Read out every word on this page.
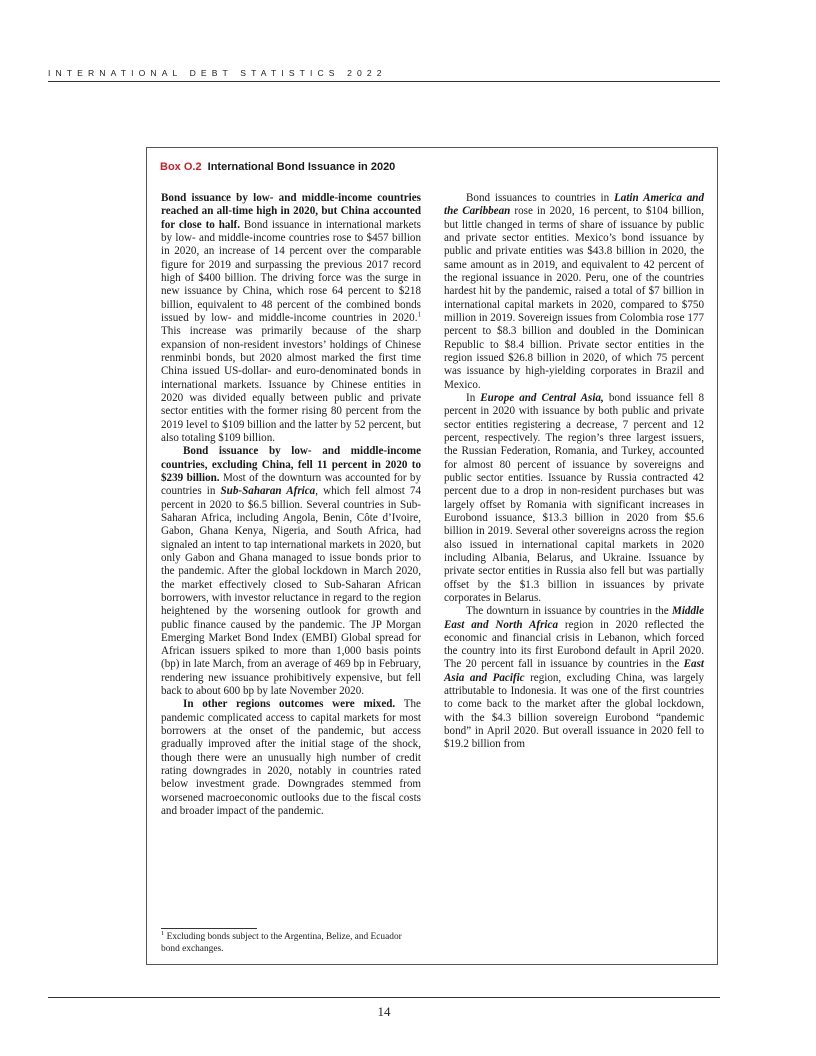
INTERNATIONAL DEBT STATISTICS 2022
Box O.2 International Bond Issuance in 2020

Bond issuance by low- and middle-income countries reached an all-time high in 2020, but China accounted for close to half. Bond issuance in international markets by low- and middle-income countries rose to $457 billion in 2020, an increase of 14 percent over the comparable figure for 2019 and surpassing the previous 2017 record high of $400 billion. The driving force was the surge in new issuance by China, which rose 64 percent to $218 billion, equivalent to 48 percent of the combined bonds issued by low- and middle-income countries in 2020.$^1$ This increase was primarily because of the sharp expansion of non-resident investors’ holdings of Chinese renminbi bonds, but 2020 almost marked the first time China issued US-dollar- and euro-denominated bonds in international markets. Issuance by Chinese entities in 2020 was divided equally between public and private sector entities with the former rising 80 percent from the 2019 level to $109 billion and the latter by 52 percent, but also totaling $109 billion.

Bond issuance by low- and middle-income countries, excluding China, fell 11 percent in 2020 to $239 billion. Most of the downturn was accounted for by countries in Sub-Saharan Africa, which fell almost 74 percent in 2020 to $6.5 billion. Several countries in Sub-Saharan Africa, including Angola, Benin, Côte d’Ivoire, Gabon, Ghana Kenya, Nigeria, and South Africa, had signaled an intent to tap international markets in 2020, but only Gabon and Ghana managed to issue bonds prior to the pandemic. After the global lockdown in March 2020, the market effectively closed to Sub-Saharan African borrowers, with investor reluctance in regard to the region heightened by the worsening outlook for growth and public finance caused by the pandemic. The JP Morgan Emerging Market Bond Index (EMBI) Global spread for African issuers spiked to more than 1,000 basis points (bp) in late March, from an average of 469 bp in February, rendering new issuance prohibitively expensive, but fell back to about 600 bp by late November 2020.

In other regions outcomes were mixed. The pandemic complicated access to capital markets for most borrowers at the onset of the pandemic, but access gradually improved after the initial stage of the shock, though there were an unusually high number of credit rating downgrades in 2020, notably in countries rated below investment grade. Downgrades stemmed from worsened macroeconomic outlooks due to the fiscal costs and broader impact of the pandemic.

Bond issuances to countries in Latin America and the Caribbean rose in 2020, 16 percent, to $104 billion, but little changed in terms of share of issuance by public and private sector entities. Mexico’s bond issuance by public and private entities was $43.8 billion in 2020, the same amount as in 2019, and equivalent to 42 percent of the regional issuance in 2020. Peru, one of the countries hardest hit by the pandemic, raised a total of $7 billion in international capital markets in 2020, compared to $750 million in 2019. Sovereign issues from Colombia rose 177 percent to $8.3 billion and doubled in the Dominican Republic to $8.4 billion. Private sector entities in the region issued $26.8 billion in 2020, of which 75 percent was issuance by high-yielding corporates in Brazil and Mexico.

In Europe and Central Asia, bond issuance fell 8 percent in 2020 with issuance by both public and private sector entities registering a decrease, 7 percent and 12 percent, respectively. The region’s three largest issuers, the Russian Federation, Romania, and Turkey, accounted for almost 80 percent of issuance by sovereigns and public sector entities. Issuance by Russia contracted 42 percent due to a drop in non-resident purchases but was largely offset by Romania with significant increases in Eurobond issuance, $13.3 billion in 2020 from $5.6 billion in 2019. Several other sovereigns across the region also issued in international capital markets in 2020 including Albania, Belarus, and Ukraine. Issuance by private sector entities in Russia also fell but was partially offset by the $1.3 billion in issuances by private corporates in Belarus.

The downturn in issuance by countries in the Middle East and North Africa region in 2020 reflected the economic and financial crisis in Lebanon, which forced the country into its first Eurobond default in April 2020. The 20 percent fall in issuance by countries in the East Asia and Pacific region, excluding China, was largely attributable to Indonesia. It was one of the first countries to come back to the market after the global lockdown, with the $4.3 billion sovereign Eurobond “pandemic bond” in April 2020. But overall issuance in 2020 fell to $19.2 billion from

$^1$ Excluding bonds subject to the Argentina, Belize, and Ecuador bond exchanges.
14
